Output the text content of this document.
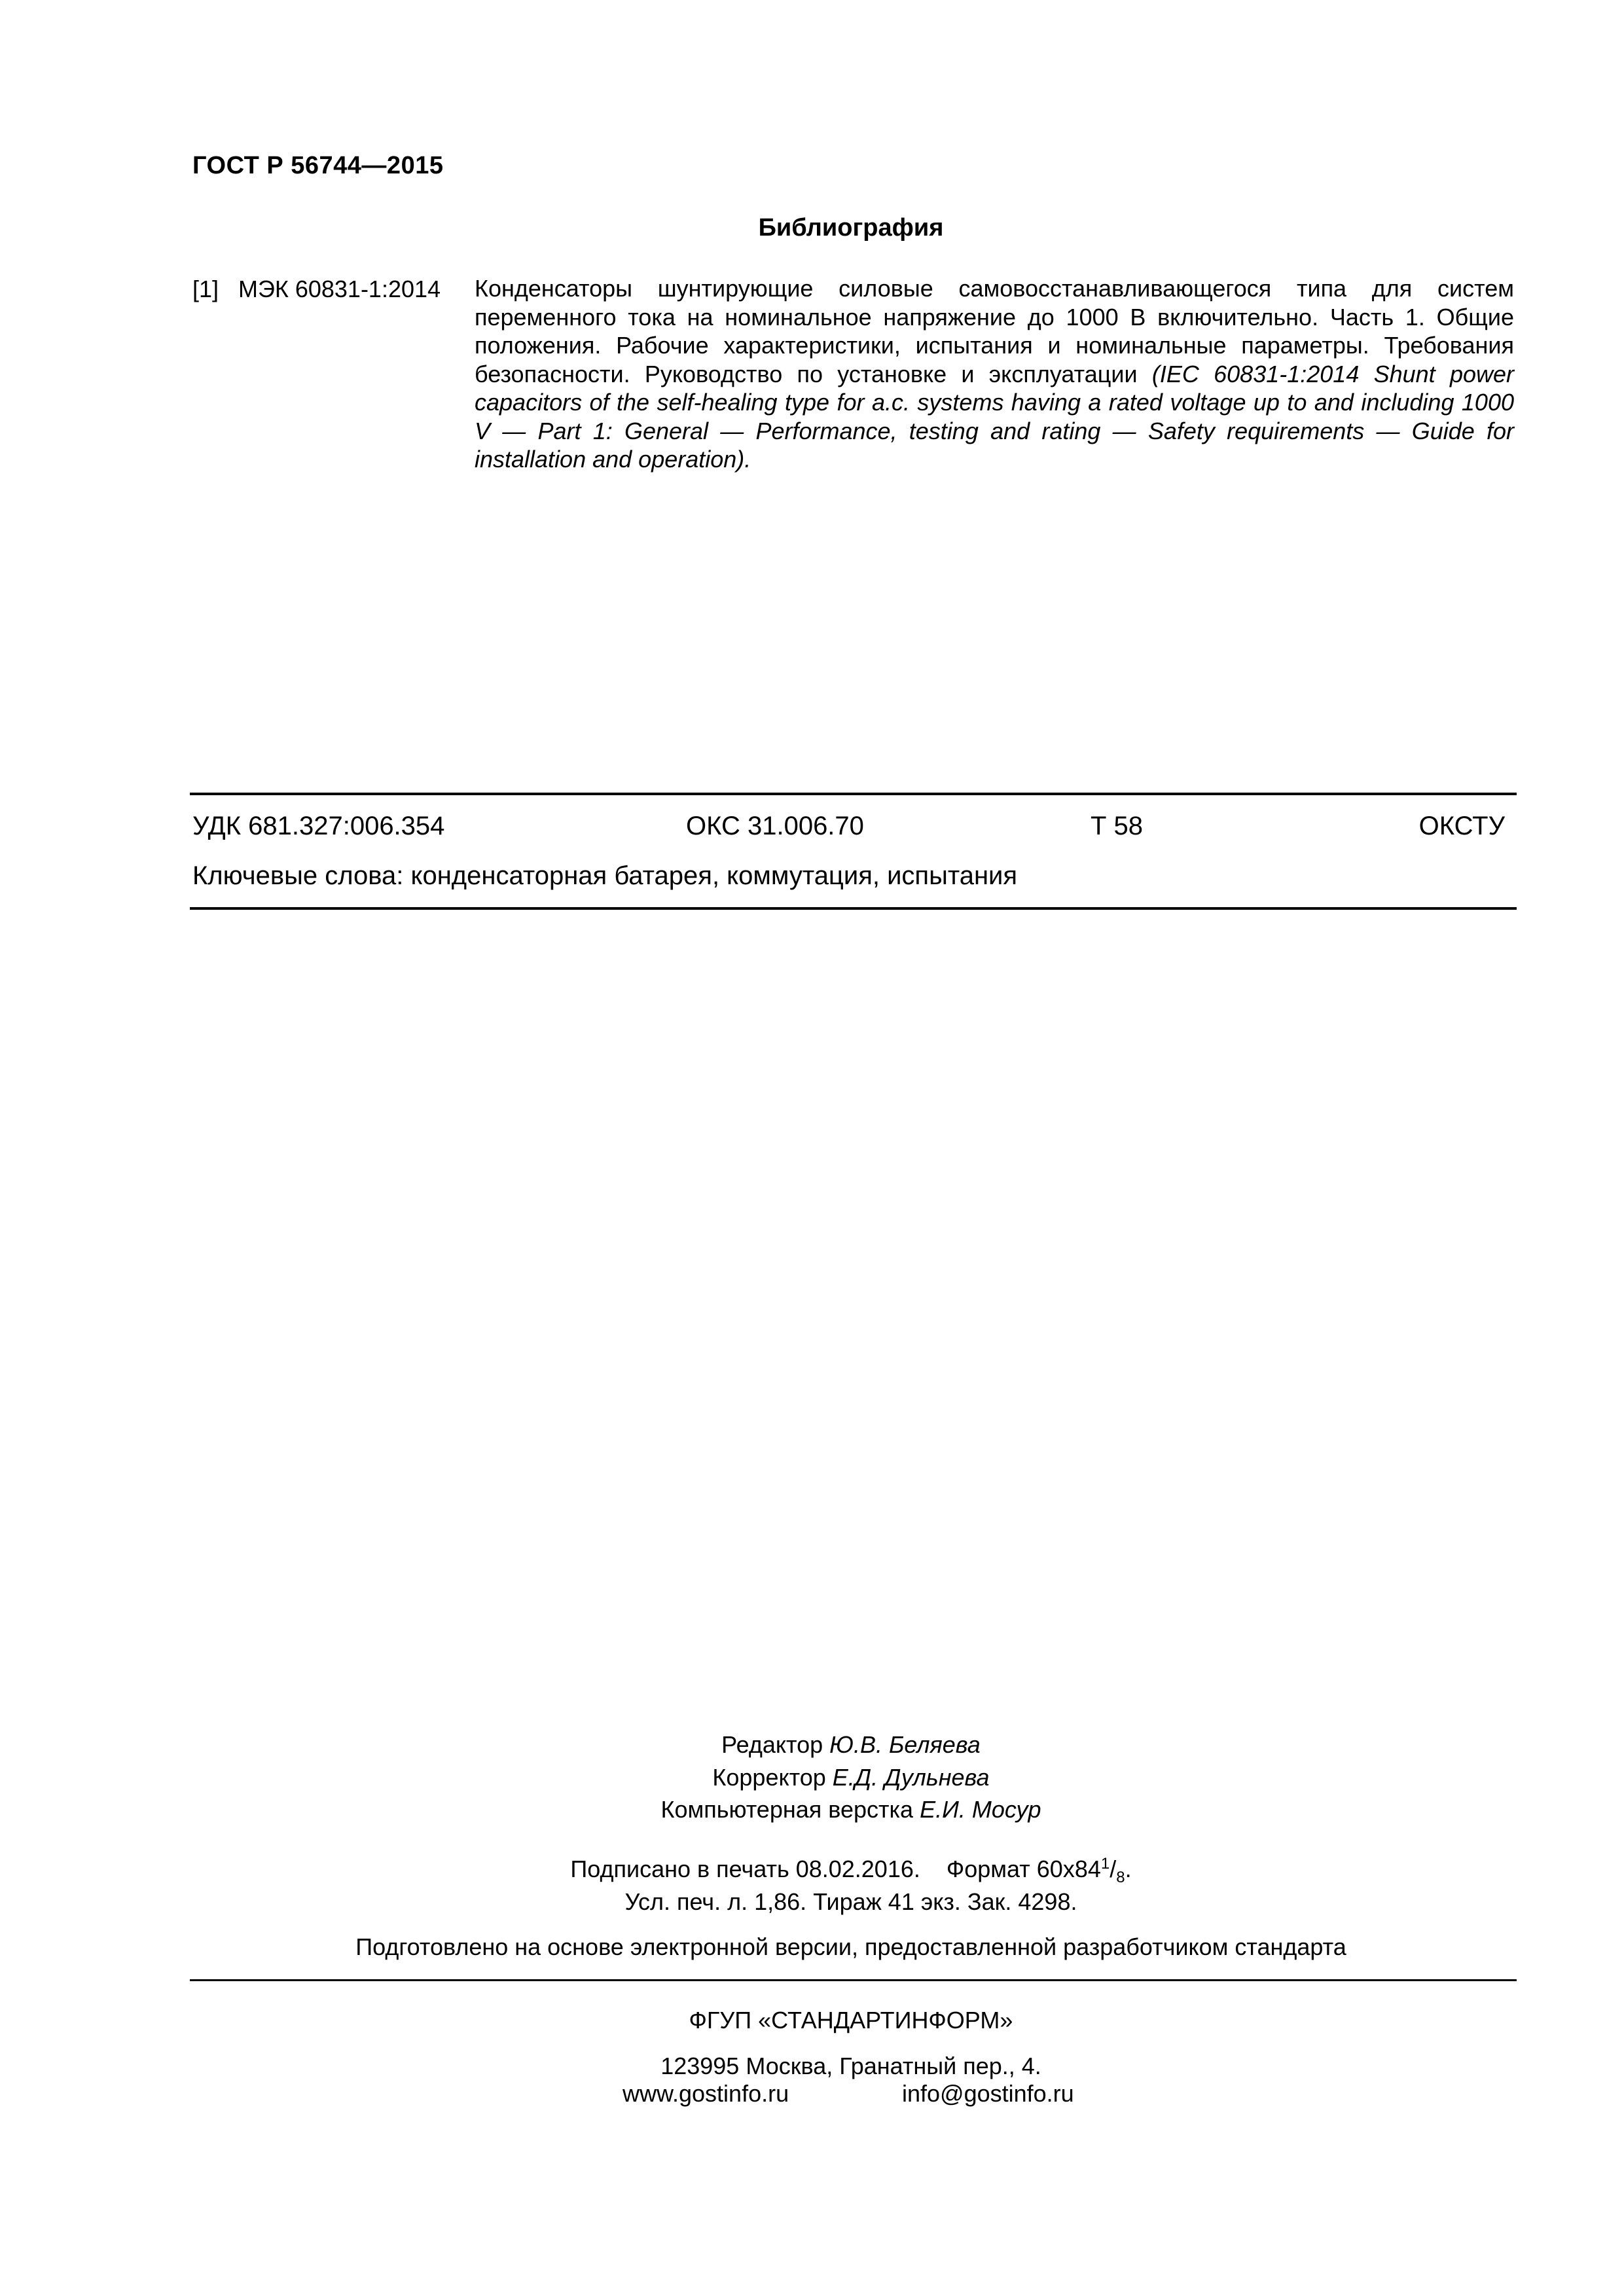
ГОСТ Р 56744—2015
Библиография
[1] МЭК 60831-1:2014 Конденсаторы шунтирующие силовые самовосстанавливающегося типа для систем переменного тока на номинальное напряжение до 1000 В включительно. Часть 1. Общие положения. Рабочие характеристики, испытания и номинальные параметры. Требования безопасности. Руководство по установке и эксплуатации (IEC 60831-1:2014 Shunt power capacitors of the self-healing type for a.c. systems having a rated voltage up to and including 1000 V — Part 1: General — Performance, testing and rating — Safety requirements — Guide for installation and operation).
УДК 681.327:006.354	ОКС 31.006.70	Т 58	ОКСТУ
Ключевые слова: конденсаторная батарея, коммутация, испытания
Редактор Ю.В. Беляева
Корректор Е.Д. Дульнева
Компьютерная верстка Е.И. Мосур
Подписано в печать 08.02.2016. Формат $60х84^1/_8$.
Усл. печ. л. 1,86. Тираж 41 экз. Зак. 4298.
Подготовлено на основе электронной версии, предоставленной разработчиком стандарта
ФГУП «СТАНДАРТИНФОРМ»
123995 Москва, Гранатный пер., 4.
www.gostinfo.ru	info@gostinfo.ru
